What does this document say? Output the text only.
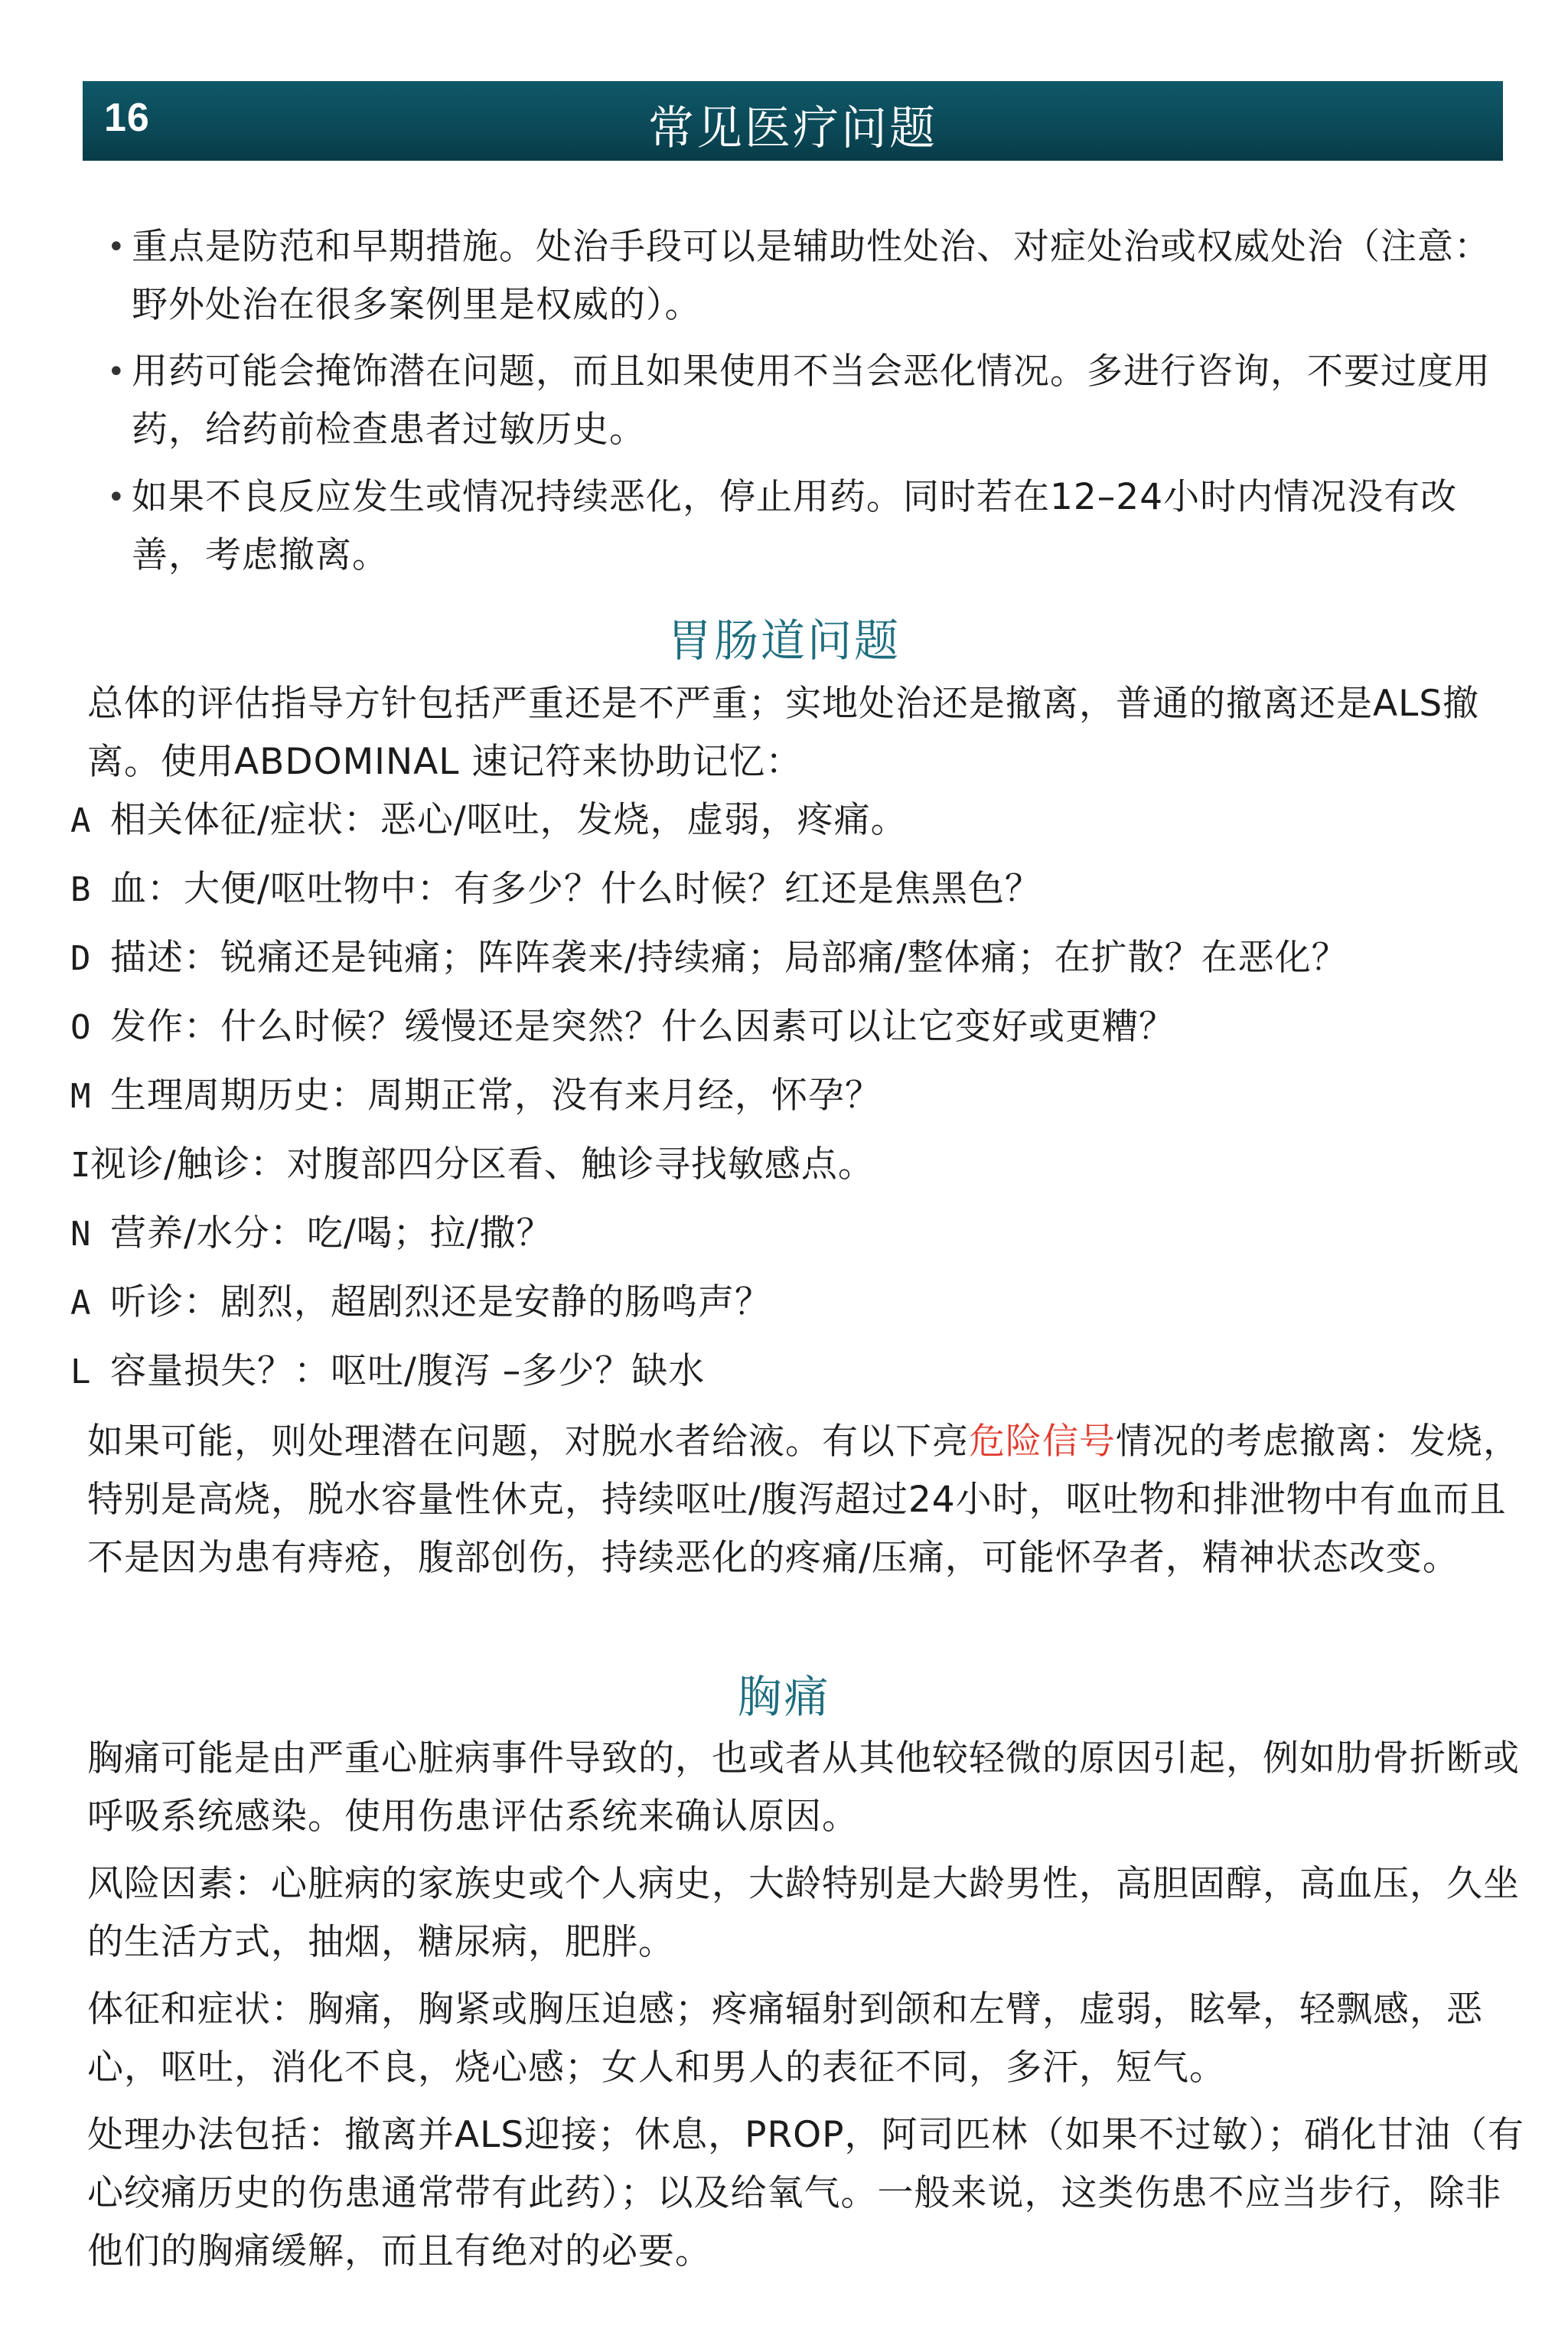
16	常见医疗问题
• 重点是防范和早期措施。处治手段可以是辅助性处治、对症处治或权威处治（注意：野外处治在很多案例里是权威的）。
• 用药可能会掩饰潜在问题，而且如果使用不当会恶化情况。多进行咨询，不要过度用药，给药前检查患者过敏历史。
• 如果不良反应发生或情况持续恶化，停止用药。同时若在12–24小时内情况没有改善，考虑撤离。
胃肠道问题
总体的评估指导方针包括严重还是不严重；实地处治还是撤离，普通的撤离还是ALS撤离。使用ABDOMINAL 速记符来协助记忆：
A 相关体征/症状：恶心/呕吐，发烧，虚弱，疼痛。
B 血：大便/呕吐物中：有多少？什么时候？红还是焦黑色？
D 描述：锐痛还是钝痛；阵阵袭来/持续痛；局部痛/整体痛；在扩散？在恶化？
O 发作：什么时候？缓慢还是突然？什么因素可以让它变好或更糟？
M 生理周期历史：周期正常，没有来月经，怀孕？
I视诊/触诊：对腹部四分区看、触诊寻找敏感点。
N 营养/水分：吃/喝；拉/撒？
A 听诊：剧烈，超剧烈还是安静的肠鸣声？
L 容量损失？：呕吐/腹泻 –多少？缺水
如果可能，则处理潜在问题，对脱水者给液。有以下亮危险信号情况的考虑撤离：发烧，特别是高烧，脱水容量性休克，持续呕吐/腹泻超过24小时，呕吐物和排泄物中有血而且不是因为患有痔疮，腹部创伤，持续恶化的疼痛/压痛，可能怀孕者，精神状态改变。
胸痛
胸痛可能是由严重心脏病事件导致的，也或者从其他较轻微的原因引起，例如肋骨折断或呼吸系统感染。使用伤患评估系统来确认原因。
风险因素：心脏病的家族史或个人病史，大龄特别是大龄男性，高胆固醇，高血压，久坐的生活方式，抽烟，糖尿病，肥胖。
体征和症状：胸痛，胸紧或胸压迫感；疼痛辐射到颌和左臂，虚弱，眩晕，轻飘感，恶心，呕吐，消化不良，烧心感；女人和男人的表征不同，多汗，短气。
处理办法包括：撤离并ALS迎接；休息，PROP，阿司匹林（如果不过敏）；硝化甘油（有心绞痛历史的伤患通常带有此药）；以及给氧气。一般来说，这类伤患不应当步行，除非他们的胸痛缓解，而且有绝对的必要。
